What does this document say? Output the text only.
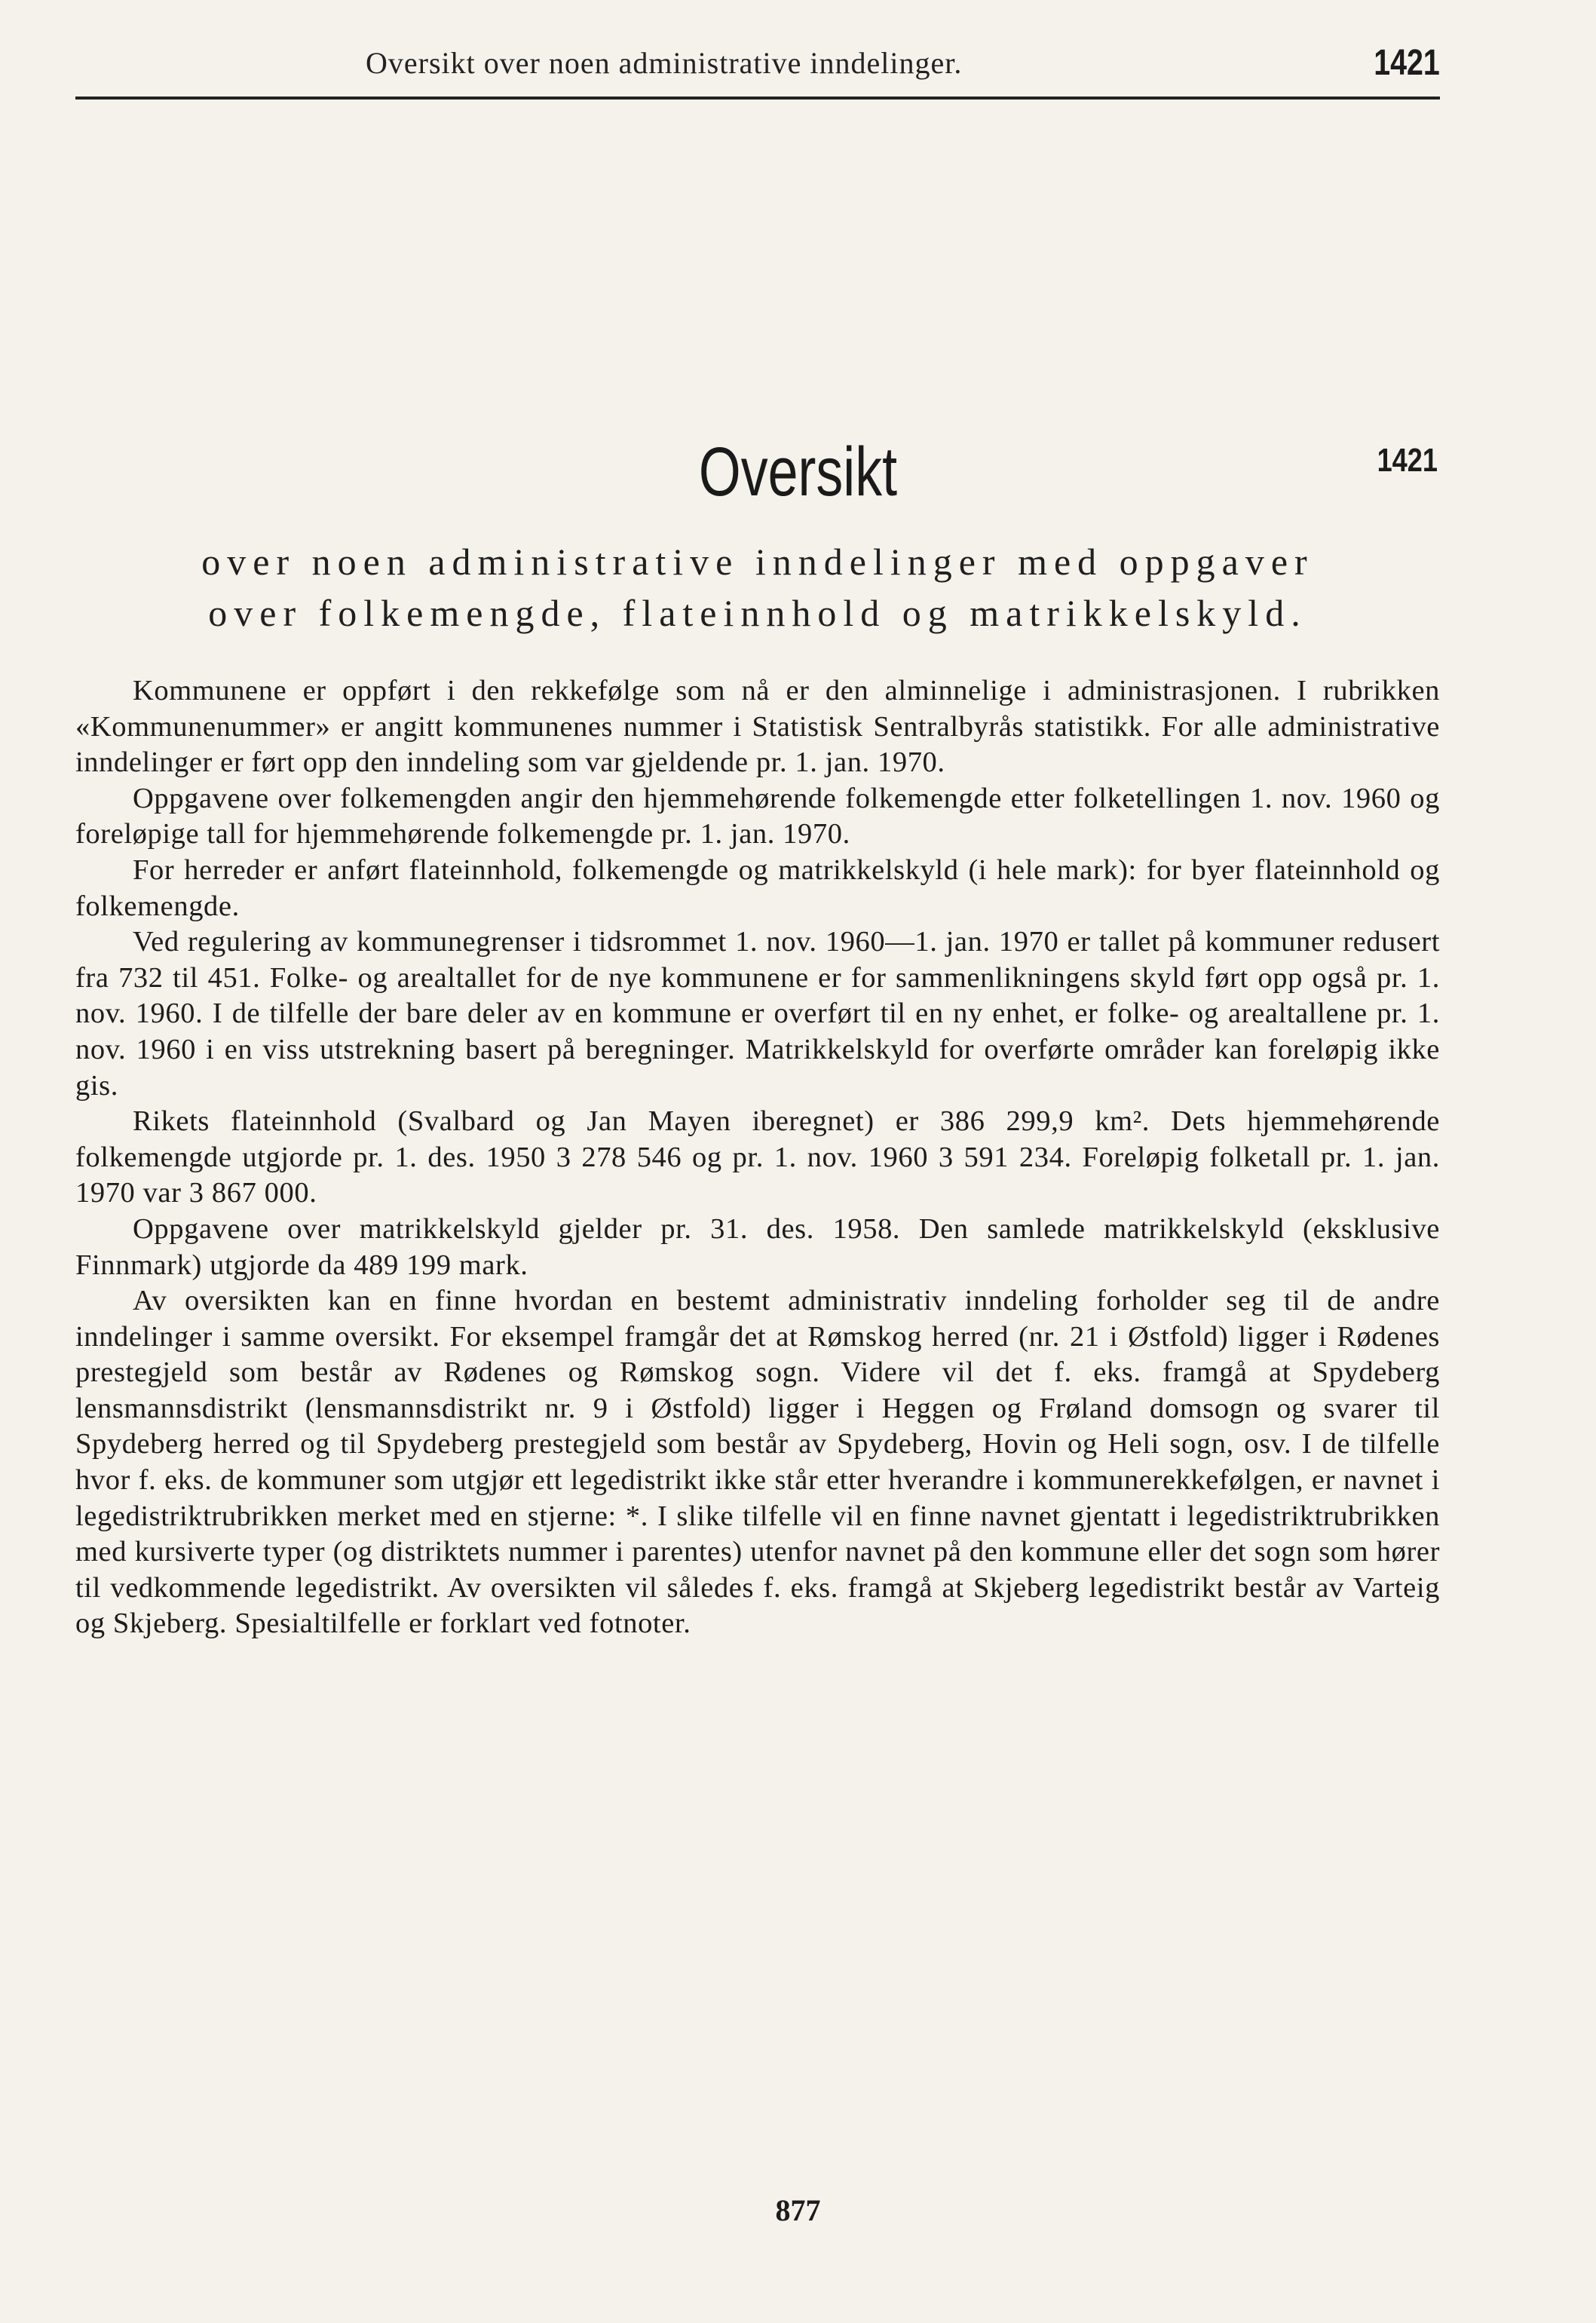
Oversikt over noen administrative inndelinger.	1421
Oversikt	1421
over noen administrative inndelinger med oppgaver
over folkemengde, flateinnhold og matrikkelskyld.

Kommunene er oppført i den rekkefølge som nå er den alminnelige i administrasjonen. I rubrikken «Kommunenummer» er angitt kommunenes nummer i Statistisk Sentralbyrås statistikk. For alle administrative inndelinger er ført opp den inndeling som var gjeldende pr. 1. jan. 1970.

Oppgavene over folkemengden angir den hjemmehørende folkemengde etter folketellingen 1. nov. 1960 og foreløpige tall for hjemmehørende folkemengde pr. 1. jan. 1970.

For herreder er anført flateinnhold, folkemengde og matrikkelskyld (i hele mark): for byer flateinnhold og folkemengde.

Ved regulering av kommunegrenser i tidsrommet 1. nov. 1960—1. jan. 1970 er tallet på kommuner redusert fra 732 til 451. Folke- og arealtallet for de nye kommunene er for sammenlikningens skyld ført opp også pr. 1. nov. 1960. I de tilfelle der bare deler av en kommune er overført til en ny enhet, er folke- og arealtallene pr. 1. nov. 1960 i en viss utstrekning basert på beregninger. Matrikkelskyld for overførte områder kan foreløpig ikke gis.

Rikets flateinnhold (Svalbard og Jan Mayen iberegnet) er 386 299,9 km². Dets hjemmehørende folkemengde utgjorde pr. 1. des. 1950 3 278 546 og pr. 1. nov. 1960 3 591 234. Foreløpig folketall pr. 1. jan. 1970 var 3 867 000.

Oppgavene over matrikkelskyld gjelder pr. 31. des. 1958. Den samlede matrikkelskyld (eksklusive Finnmark) utgjorde da 489 199 mark.

Av oversikten kan en finne hvordan en bestemt administrativ inndeling forholder seg til de andre inndelinger i samme oversikt. For eksempel framgår det at Rømskog herred (nr. 21 i Østfold) ligger i Rødenes prestegjeld som består av Rødenes og Rømskog sogn. Videre vil det f. eks. framgå at Spydeberg lensmannsdistrikt (lensmannsdistrikt nr. 9 i Østfold) ligger i Heggen og Frøland domsogn og svarer til Spydeberg herred og til Spydeberg prestegjeld som består av Spydeberg, Hovin og Heli sogn, osv. I de tilfelle hvor f. eks. de kommuner som utgjør ett legedistrikt ikke står etter hverandre i kommunerekkefølgen, er navnet i legedistriktrubrikken merket med en stjerne: *. I slike tilfelle vil en finne navnet gjentatt i legedistriktrubrikken med kursiverte typer (og distriktets nummer i parentes) utenfor navnet på den kommune eller det sogn som hører til vedkommende legedistrikt. Av oversikten vil således f. eks. framgå at Skjeberg legedistrikt består av Varteig og Skjeberg. Spesialtilfelle er forklart ved fotnoter.

877
